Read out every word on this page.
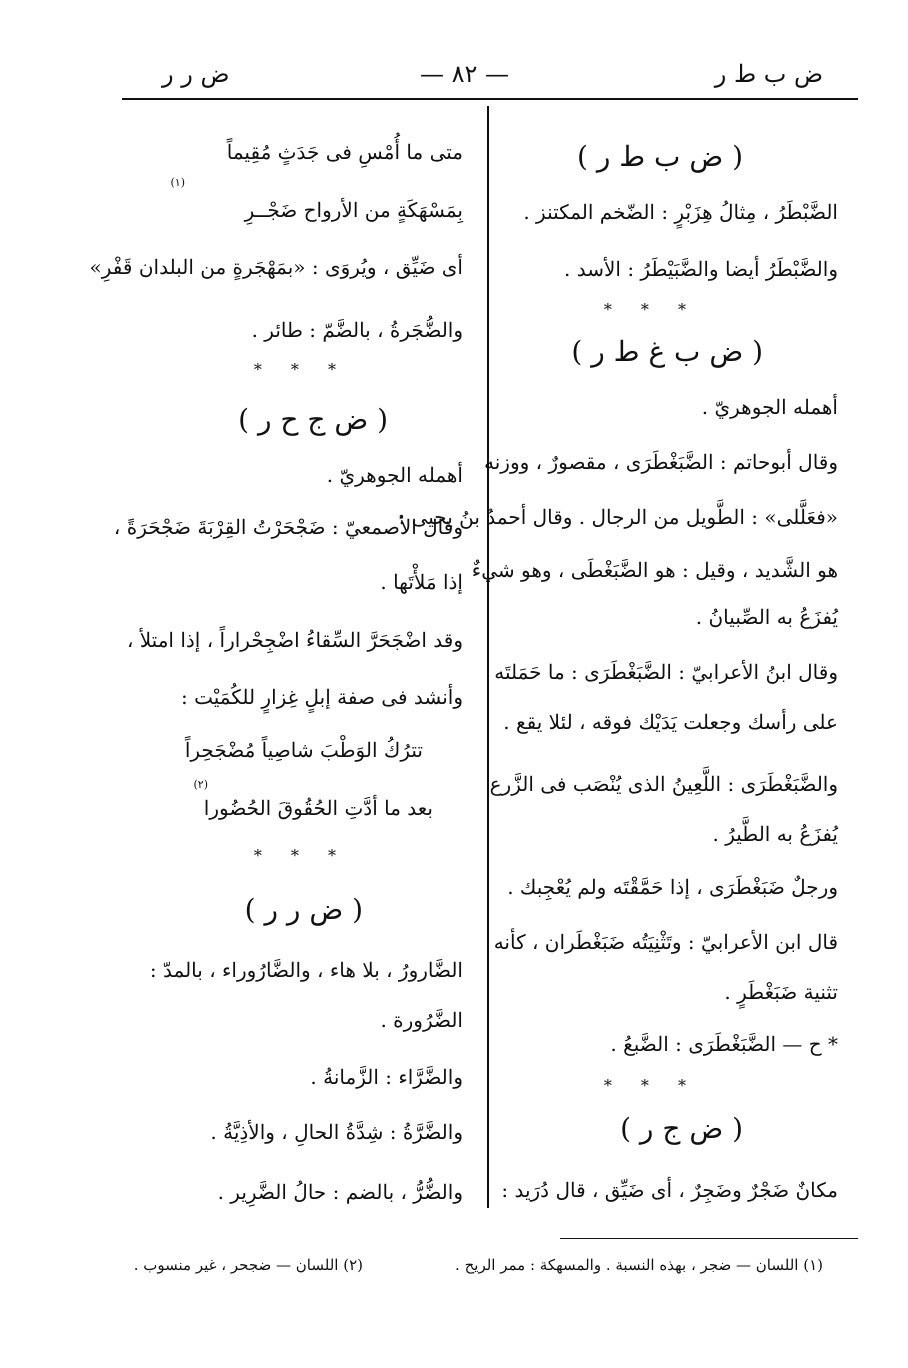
ض ب ط ر
— ٨٢ —
ض ر ر
( ض ب ط ر )
الضَّبْطَرُ ، مِثالُ هِزَبْرٍ : الضّخم المكتنز .
والضَّبْطَرُ أيضا والضَّبَيْطَرُ : الأسد .
* * *
( ض ب غ ط ر )
أهمله الجوهريّ .
وقال أبوحاتم : الضَّبَغْطَرَى ، مقصورٌ ، ووزنه
«فعَلَّلى» : الطَّويل من الرجال . وقال أحمدُ بنُ يحيى :
هو الشَّديد ، وقيل : هو الضَّبَغْطَى ، وهو شيءٌ
يُفزَعُ به الصِّبيانُ .
وقال ابنُ الأعرابيّ : الضَّبَغْطَرَى : ما حَمَلتَه
على رأسك وجعلت يَدَيْك فوقه ، لئلا يقع .
والضَّبَغْطَرَى : اللَّعِينُ الذى يُنْصَب فى الزَّرع
يُفزَعُ به الطَّيرُ .
ورجلٌ ضَبَغْطَرَى ، إذا حَمَّقْتَه ولم يُعْجِبك .
قال ابن الأعرابيّ : وتَثْنِيَتُه ضَبَغْطَران ، كأنه
تثنية ضَبَغْطَرٍ .
* ح — الضَّبَغْطَرَى : الضَّبعُ .
* * *
( ض ج ر )
مكانٌ ضَجْرٌ وضَجِرٌ ، أى ضَيِّق ، قال دُرَيد :
متى ما أُمْسِ فى جَدَثٍ مُقِيماً
بِمَسْهَكَةٍ من الأرواح ضَجْــرِ
(١)
أى ضَيِّق ، ويُروَى : «بمَهْجَرةٍ من البلدان قَفْرِ»
والضُّجَرةُ ، بالضَّمّ : طائر .
* * *
( ض ج ح ر )
أهمله الجوهريّ .
وقال الأصمعيّ : ضَجْحَرْتُ القِرْبَةَ ضَجْحَرَةً ،
إذا مَلأْتَها .
وقد اضْجَحَرَّ السِّقاءُ اضْجِحْراراً ، إذا امتلأ ،
وأنشد فى صفة إبلٍ غِزارٍ للكُمَيْت :
تترُكُ الوَطْبَ شاصِياً مُضْجَحِراً
(٢)
بعد ما أدَّتِ الحُقُوقَ الحُضُورا
* * *
( ض ر ر )
الضَّارورُ ، بلا هاء ، والضَّارُوراء ، بالمدّ :
الضَّرُورة .
والضَّرَّاء : الزَّمانةُ .
والضَّرَّةُ : شِدَّةُ الحالِ ، والأذِيَّةُ .
والضُّرُّ ، بالضم : حالُ الضَّرِير .
(١) اللسان — ضجر ، بهذه النسبة . والمسهكة : ممر الريح .
(٢) اللسان — ضجحر ، غير منسوب .
